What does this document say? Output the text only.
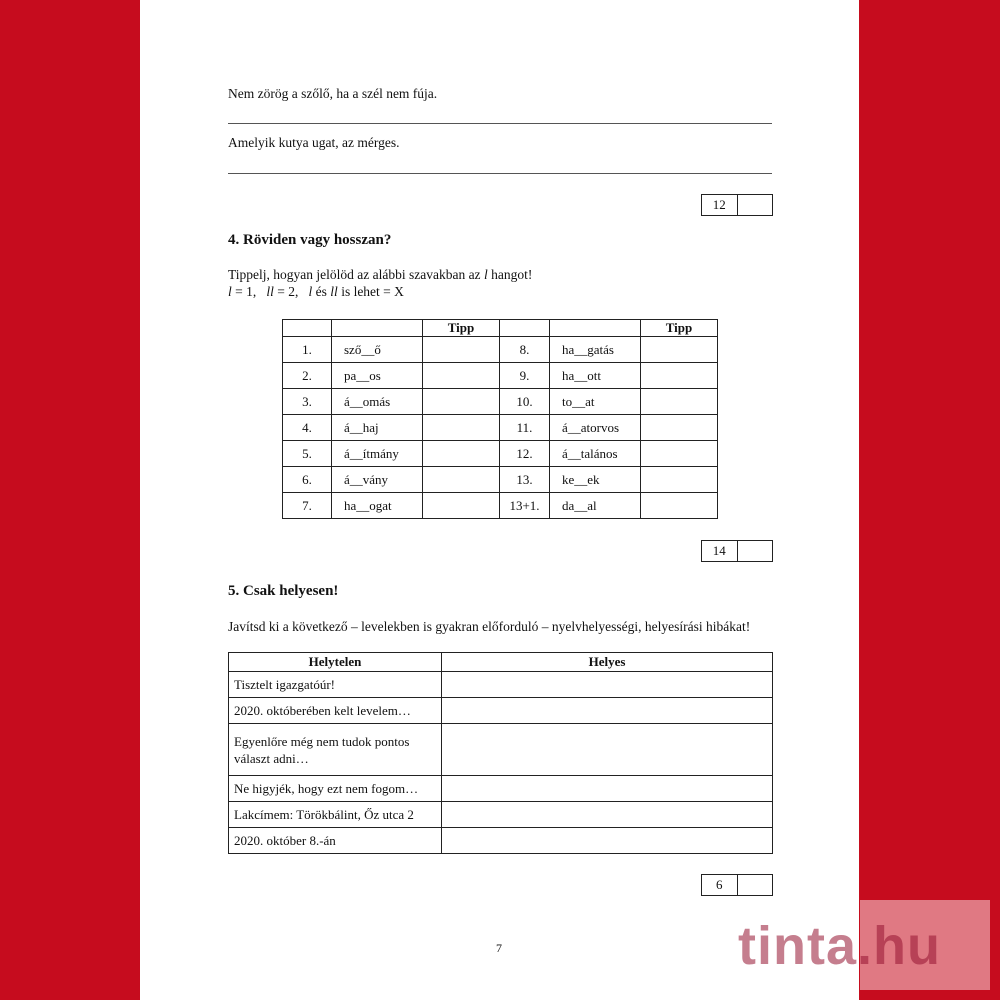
Nem zörög a szőlő, ha a szél nem fúja.
Amelyik kutya ugat, az mérges.
12
4. Röviden vagy hosszan?
Tippelj, hogyan jelölöd az alábbi szavakban az l hangot!
l = 1, ll = 2, l és ll is lehet = X
		Tipp			Tipp
1.	sző__ő		8.	ha__gatás	
2.	pa__os		9.	ha__ott	
3.	á__omás		10.	to__at	
4.	á__haj		11.	á__atorvos	
5.	á__ítmány		12.	á__talános	
6.	á__vány		13.	ke__ek	
7.	ha__ogat		13+1.	da__al	
14
5. Csak helyesen!
Javítsd ki a következő – levelekben is gyakran előforduló – nyelvhelyességi, helyesírási hibákat!
Helytelen	Helyes
Tisztelt igazgatóúr!	
2020. októberében kelt levelem…	
Egyenlőre még nem tudok pontos
választ adni…	
Ne higyjék, hogy ezt nem fogom…	
Lakcímem: Törökbálint, Őz utca 2	
2020. október 8.-án	
6
7	tinta.hu
